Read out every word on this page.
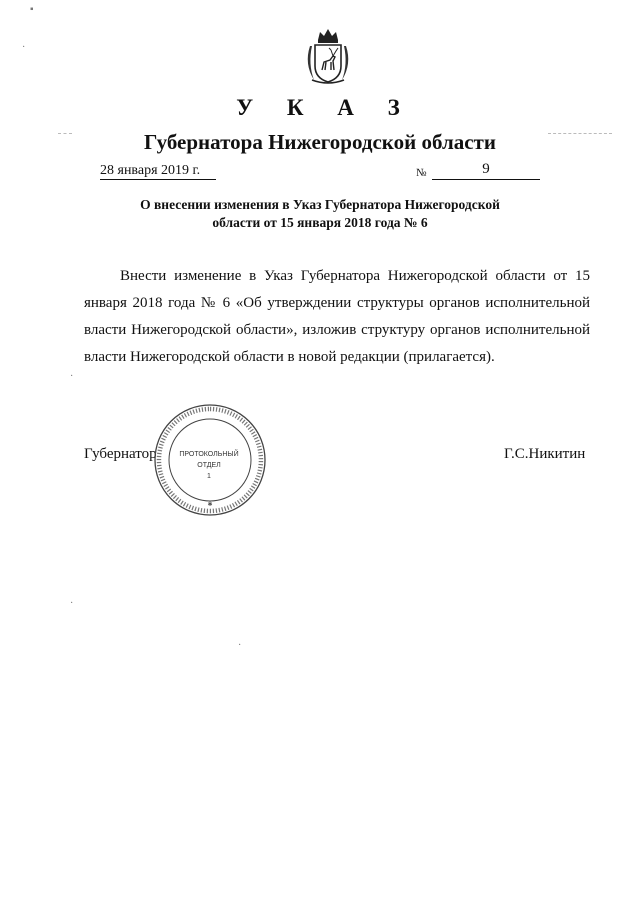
У К А З
Губернатора Нижегородской области
28 января 2019 г.	№	9
О внесении изменения в Указ Губернатора Нижегородской
области от 15 января 2018 года № 6
Внести изменение в Указ Губернатора Нижегородской области от 15 января 2018 года № 6 «Об утверждении структуры органов исполнительной власти Нижегородской области», изложив структуру органов исполнительной власти Нижегородской области в новой редакции (прилагается).
Губернатор	Г.С.Никитин
✱
ПРОТОКОЛЬНЫЙ
ОТДЕЛ
1
▪
·
·
·
·
